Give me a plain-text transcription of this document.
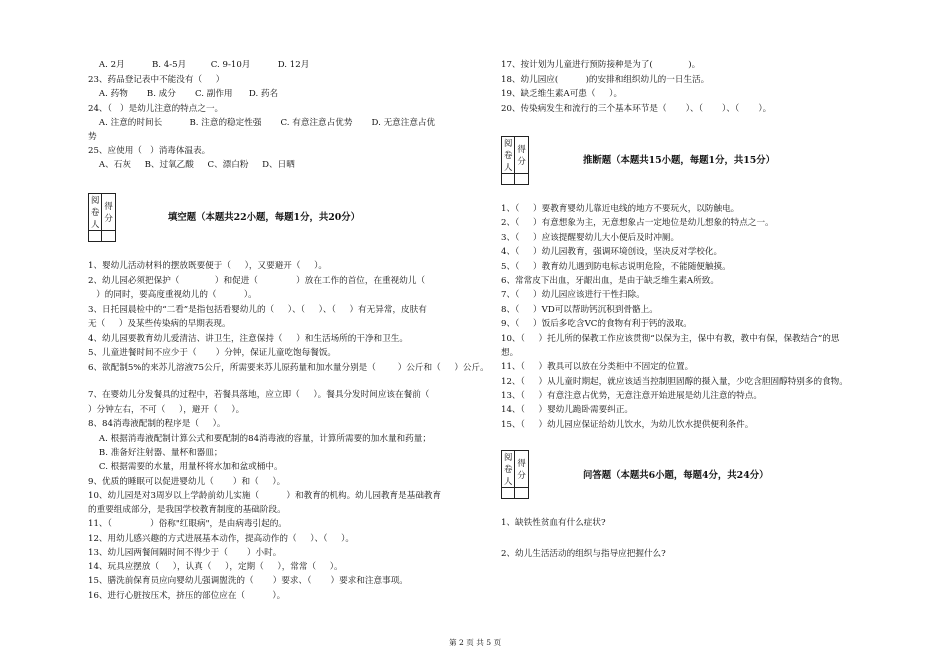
A. 2月          B. 4-5月         C. 9-10月          D. 12月
23、药品登记表中不能没有（     ）
A. 药物       B. 成分       C. 副作用      D. 药名
24、（   ）是幼儿注意的特点之一。
A. 注意的时间长          B. 注意的稳定性强       C. 有意注意占优势       D. 无意注意占优
势
25、应使用（   ）消毒体温表。
A、石灰     B、过氧乙酸     C、漂白粉     D、日晒
阅卷人	得分
		填空题（本题共22小题，每题1分，共20分）
1、婴幼儿活动材料的摆放既要便于（     ），又要避开（     ）。
2、幼儿园必须把保护（             ）和促进（              ）放在工作的首位，在重视幼儿（
）的同时，要高度重视幼儿的（          ）。
3、日托园晨检中的“二看”是指包括看婴幼儿的（     ）、（     ）、（     ）有无异常，皮肤有
无（     ）及某些传染病的早期表现。
4、幼儿园要教育幼儿爱清洁、讲卫生，注意保持（     ）和生活场所的干净和卫生。
5、儿童进餐时间不应少于（       ）分钟，保证儿童吃饱每餐饭。
6、欲配制5%的来苏儿溶液75公斤，所需要来苏儿原药量和加水量分别是（        ）公斤和（     ）公斤。
7、在婴幼儿分发餐具的过程中，若餐具落地，应立即（     ）。餐具分发时间应该在餐前（
）分钟左右，不可（     ），避开（     ）。
8、84消毒液配制的程序是（     ）。
A. 根据消毒液配制计算公式和要配制的84消毒液的容量，计算所需要的加水量和药量；
B. 准备好注射器、量杯和器皿；
C. 根据需要的水量，用量杯将水加和盆或桶中。
9、优质的睡眠可以促进婴幼儿（       ）和（     ）。
10、幼儿园是对3周岁以上学龄前幼儿实施（          ）和教育的机构。幼儿园教育是基础教育
的重要组成部分，是我国学校教育制度的基础阶段。
11、（              ）俗称"红眼病"，是由病毒引起的。
12、用幼儿感兴趣的方式进展基本动作，提高动作的（     ）、（     ）。
13、幼儿园两餐间隔时间不得少于（       ）小时。
14、玩具应摆放（     ），认真（     ），定期（     ），常常（     ）。
15、膳洗前保育员应向婴幼儿强调盥洗的（       ）要求、（       ）要求和注意事项。
16、进行心脏按压术，挤压的部位应在（          ）。
17、按计划为儿童进行预防接种是为了(             )。
18、幼儿园应(          )的安排和组织幼儿的一日生活。
19、缺乏维生素A可患（     ）。
20、传染病发生和流行的三个基本环节是（       ）、（       ）、（       ）。
阅卷人	得分
		推断题（本题共15小题，每题1分，共15分）
1、（     ）要教育婴幼儿靠近电线的地方不要玩火，以防触电。
2、（     ）有意想象为主，无意想象占一定地位是幼儿想象的特点之一。
3、（     ）应该提醒婴幼儿大小便后及时冲厕。
4、（     ）幼儿园教育，强调环境创设，坚决反对学校化。
5、（     ）教育幼儿遇到防电标志说明危险，不能随便触摸。
6、常常皮下出血，牙龈出血，是由于缺乏维生素A所致。
7、（     ）幼儿园应该进行干性扫除。
8、（     ）VD可以帮助钙沉积到骨骼上。
9、（     ）饭后多吃含VC的食物有利于钙的汲取。
10、（     ）托儿所的保教工作应该贯彻“以保为主，保中有教，教中有保，保教结合”的思
想。
11、（     ）教具可以放在分类柜中不固定的位置。
12、（     ）从儿童时期起，就应该适当控制胆固醇的摄入量，少吃含胆固醇特别多的食物。
13、（     ）有意注意占优势，无意注意开始进展是幼儿注意的特点。
14、（     ）婴幼儿跪卧需要纠正。
15、（     ）幼儿园应保证给幼儿饮水，为幼儿饮水提供便利条件。
阅卷人	得分
		问答题（本题共6小题，每题4分，共24分）
1、缺铁性贫血有什么症状?
2、幼儿生活活动的组织与指导应把握什么?
第 2 页 共 5 页
